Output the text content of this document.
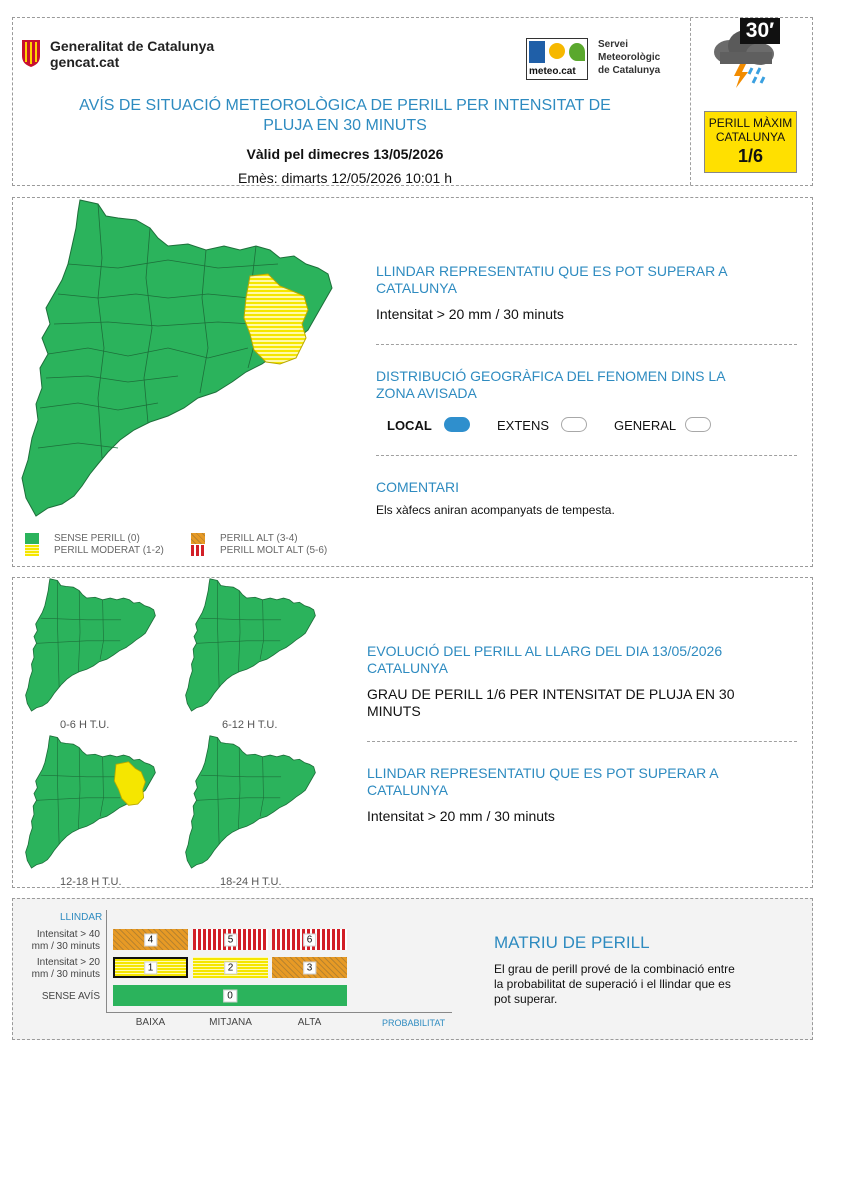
Generalitat de Catalunya
gencat.cat
meteo.cat
Servei
Meteorològic
de Catalunya
AVÍS DE SITUACIÓ METEOROLÒGICA DE PERILL PER INTENSITAT DE
PLUJA EN 30 MINUTS
Vàlid pel dimecres 13/05/2026
Emès: dimarts 12/05/2026 10:01 h
30′
PERILL MÀXIM
CATALUNYA
1/6
SENSE PERILL (0)
PERILL MODERAT (1-2)
PERILL ALT (3-4)
PERILL MOLT ALT (5-6)
LLINDAR REPRESENTATIU QUE ES POT SUPERAR A
CATALUNYA
Intensitat > 20 mm / 30 minuts
DISTRIBUCIÓ GEOGRÀFICA DEL FENOMEN DINS LA
ZONA AVISADA
LOCAL	EXTENS	GENERAL
COMENTARI
Els xàfecs aniran acompanyats de tempesta.
0-6 H T.U.	6-12 H T.U.
12-18 H T.U.	18-24 H T.U.
EVOLUCIÓ DEL PERILL AL LLARG DEL DIA 13/05/2026
CATALUNYA
GRAU DE PERILL 1/6 PER INTENSITAT DE PLUJA EN 30
MINUTS
LLINDAR REPRESENTATIU QUE ES POT SUPERAR A
CATALUNYA
Intensitat > 20 mm / 30 minuts
LLINDAR
Intensitat > 40
mm / 30 minuts
Intensitat > 20
mm / 30 minuts
SENSE AVÍS
4	5	6
1	2	3
0
BAIXA	MITJANA	ALTA	PROBABILITAT
MATRIU DE PERILL
El grau de perill prové de la combinació entre
la probabilitat de superació i el llindar que es
pot superar.
